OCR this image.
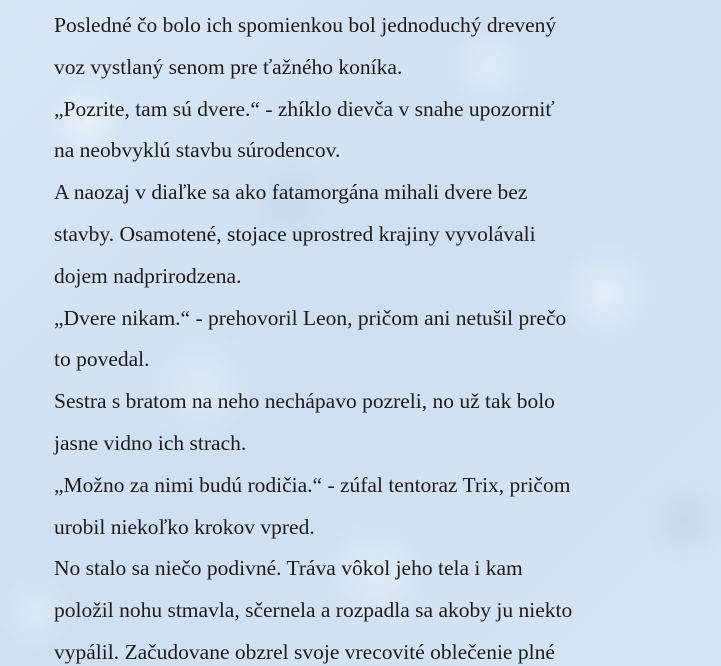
Posledné čo bolo ich spomienkou bol jednoduchý drevený
voz vystlaný senom pre ťažného koníka.
„Pozrite, tam sú dvere.“ - zhíklo dievča v snahe upozorniť
na neobvyklú stavbu súrodencov.
A naozaj v diaľke sa ako fatamorgána mihali dvere bez
stavby. Osamotené, stojace uprostred krajiny vyvolávali
dojem nadprirodzena.
„Dvere nikam.“ - prehovoril Leon, pričom ani netušil prečo
to povedal.
Sestra s bratom na neho nechápavo pozreli, no už tak bolo
jasne vidno ich strach.
„Možno za nimi budú rodičia.“ - zúfal tentoraz Trix, pričom
urobil niekoľko krokov vpred.
No stalo sa niečo podivné. Tráva vôkol jeho tela i kam
položil nohu stmavla, sčernela a rozpadla sa akoby ju niekto
vypálil. Začudovane obzrel svoje vrecovité oblečenie plné
